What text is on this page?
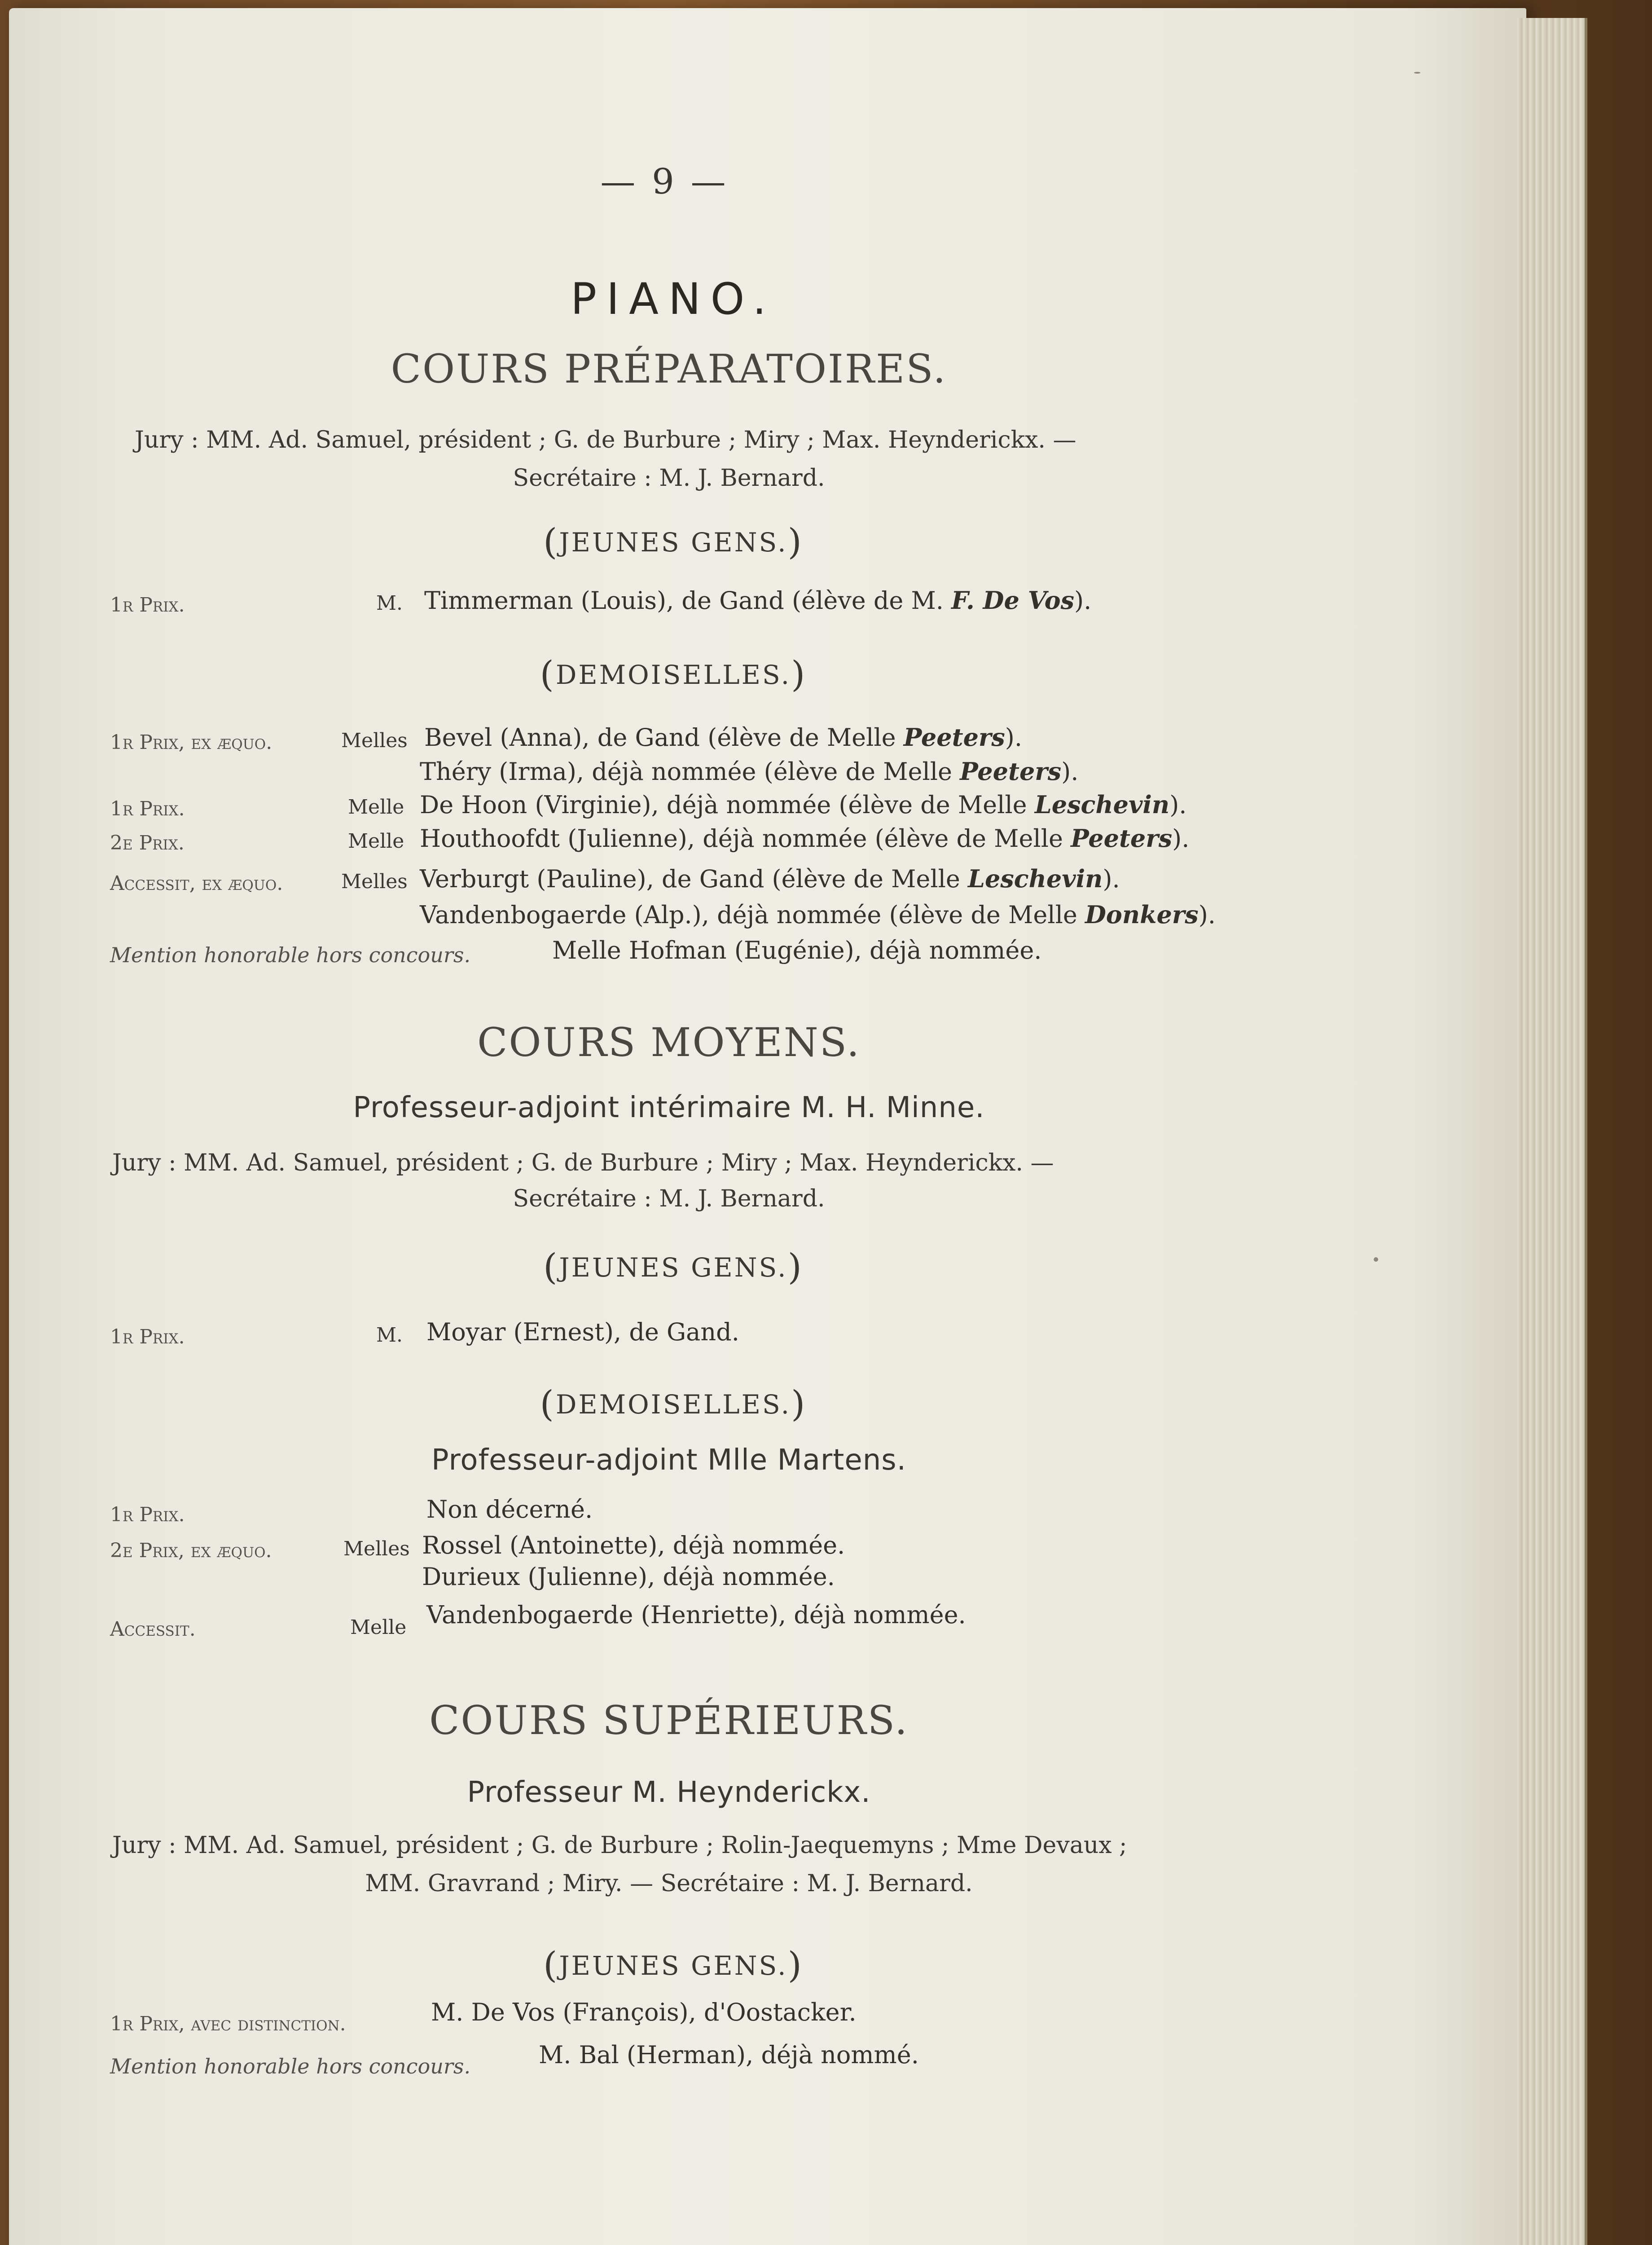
— 9 —
PIANO.
COURS PRÉPARATOIRES.
Jury : MM. Ad. Samuel, président ; G. de Burbure ; Miry ; Max. Heynderickx. —
Secrétaire : M. J. Bernard.
(JEUNES GENS.)
1r Prix.	M. Timmerman (Louis), de Gand (élève de M. F. De Vos).
(DEMOISELLES.)
1r Prix, ex æquo.	Melles Bevel (Anna), de Gand (élève de Melle Peeters).
Théry (Irma), déjà nommée (élève de Melle Peeters).
1r Prix.	Melle De Hoon (Virginie), déjà nommée (élève de Melle Leschevin).
2e Prix.	Melle Houthoofdt (Julienne), déjà nommée (élève de Melle Peeters).
Accessit, ex æquo.	Melles Verburgt (Pauline), de Gand (élève de Melle Leschevin).
Vandenbogaerde (Alp.), déjà nommée (élève de Melle Donkers).
Mention honorable hors concours.	Melle Hofman (Eugénie), déjà nommée.
COURS MOYENS.
Professeur-adjoint intérimaire M. H. Minne.
Jury : MM. Ad. Samuel, président ; G. de Burbure ; Miry ; Max. Heynderickx. —
Secrétaire : M. J. Bernard.
(JEUNES GENS.)
1r Prix.	M. Moyar (Ernest), de Gand.
(DEMOISELLES.)
Professeur-adjoint Mlle Martens.
1r Prix.	Non décerné.
2e Prix, ex æquo.	Melles Rossel (Antoinette), déjà nommée.
Durieux (Julienne), déjà nommée.
Accessit.	Melle Vandenbogaerde (Henriette), déjà nommée.
COURS SUPÉRIEURS.
Professeur M. Heynderickx.
Jury : MM. Ad. Samuel, président ; G. de Burbure ; Rolin-Jaequemyns ; Mme Devaux ;
MM. Gravrand ; Miry. — Secrétaire : M. J. Bernard.
(JEUNES GENS.)
1r Prix, avec distinction.	M. De Vos (François), d'Oostacker.
Mention honorable hors concours.	M. Bal (Herman), déjà nommé.
